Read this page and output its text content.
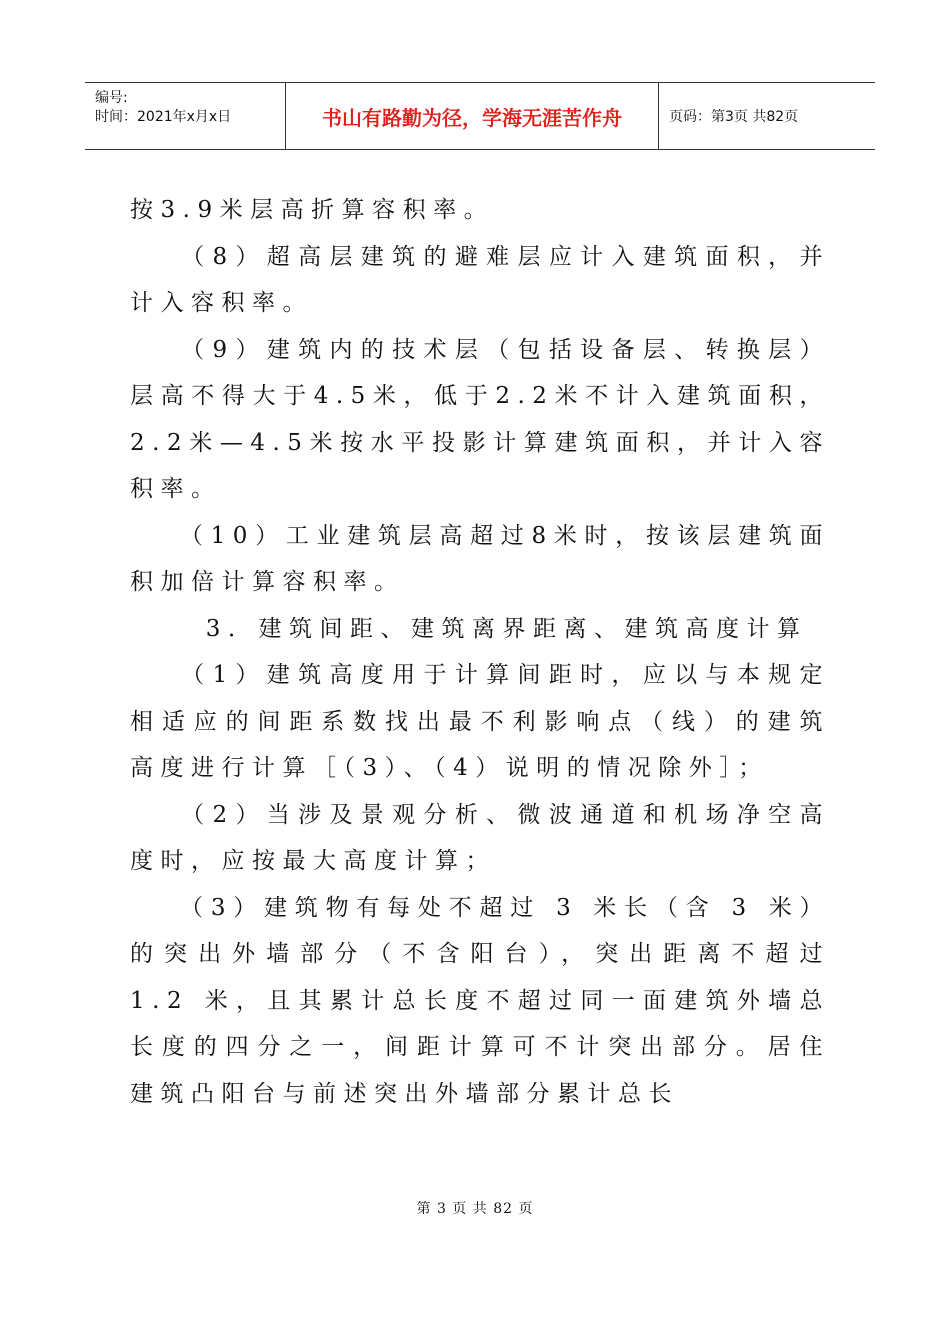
编号:
时间：2021年x月x日	书山有路勤为径，学海无涯苦作舟	页码：第3页 共82页

按3.9米层高折算容积率。

　　（8）超高层建筑的避难层应计入建筑面积，并计入容积率。

　　（9）建筑内的技术层（包括设备层、转换层）层高不得大于4.5米，低于2.2米不计入建筑面积，2.2米—4.5米按水平投影计算建筑面积，并计入容积率。

　　（10）工业建筑层高超过8米时，按该层建筑面积加倍计算容积率。

　　 3．建筑间距、建筑离界距离、建筑高度计算

　　（1）建筑高度用于计算间距时，应以与本规定相适应的间距系数找出最不利影响点（线）的建筑高度进行计算［（3）、（4）说明的情况除外］；

　　（2）当涉及景观分析、微波通道和机场净空高度时，应按最大高度计算；

　　（3）建筑物有每处不超过 3 米长（含 3 米）的突出外墙部分（不含阳台），突出距离不超过 1.2 米，且其累计总长度不超过同一面建筑外墙总长度的四分之一，间距计算可不计突出部分。居住建筑凸阳台与前述突出外墙部分累计总长

第 3 页 共 82 页
